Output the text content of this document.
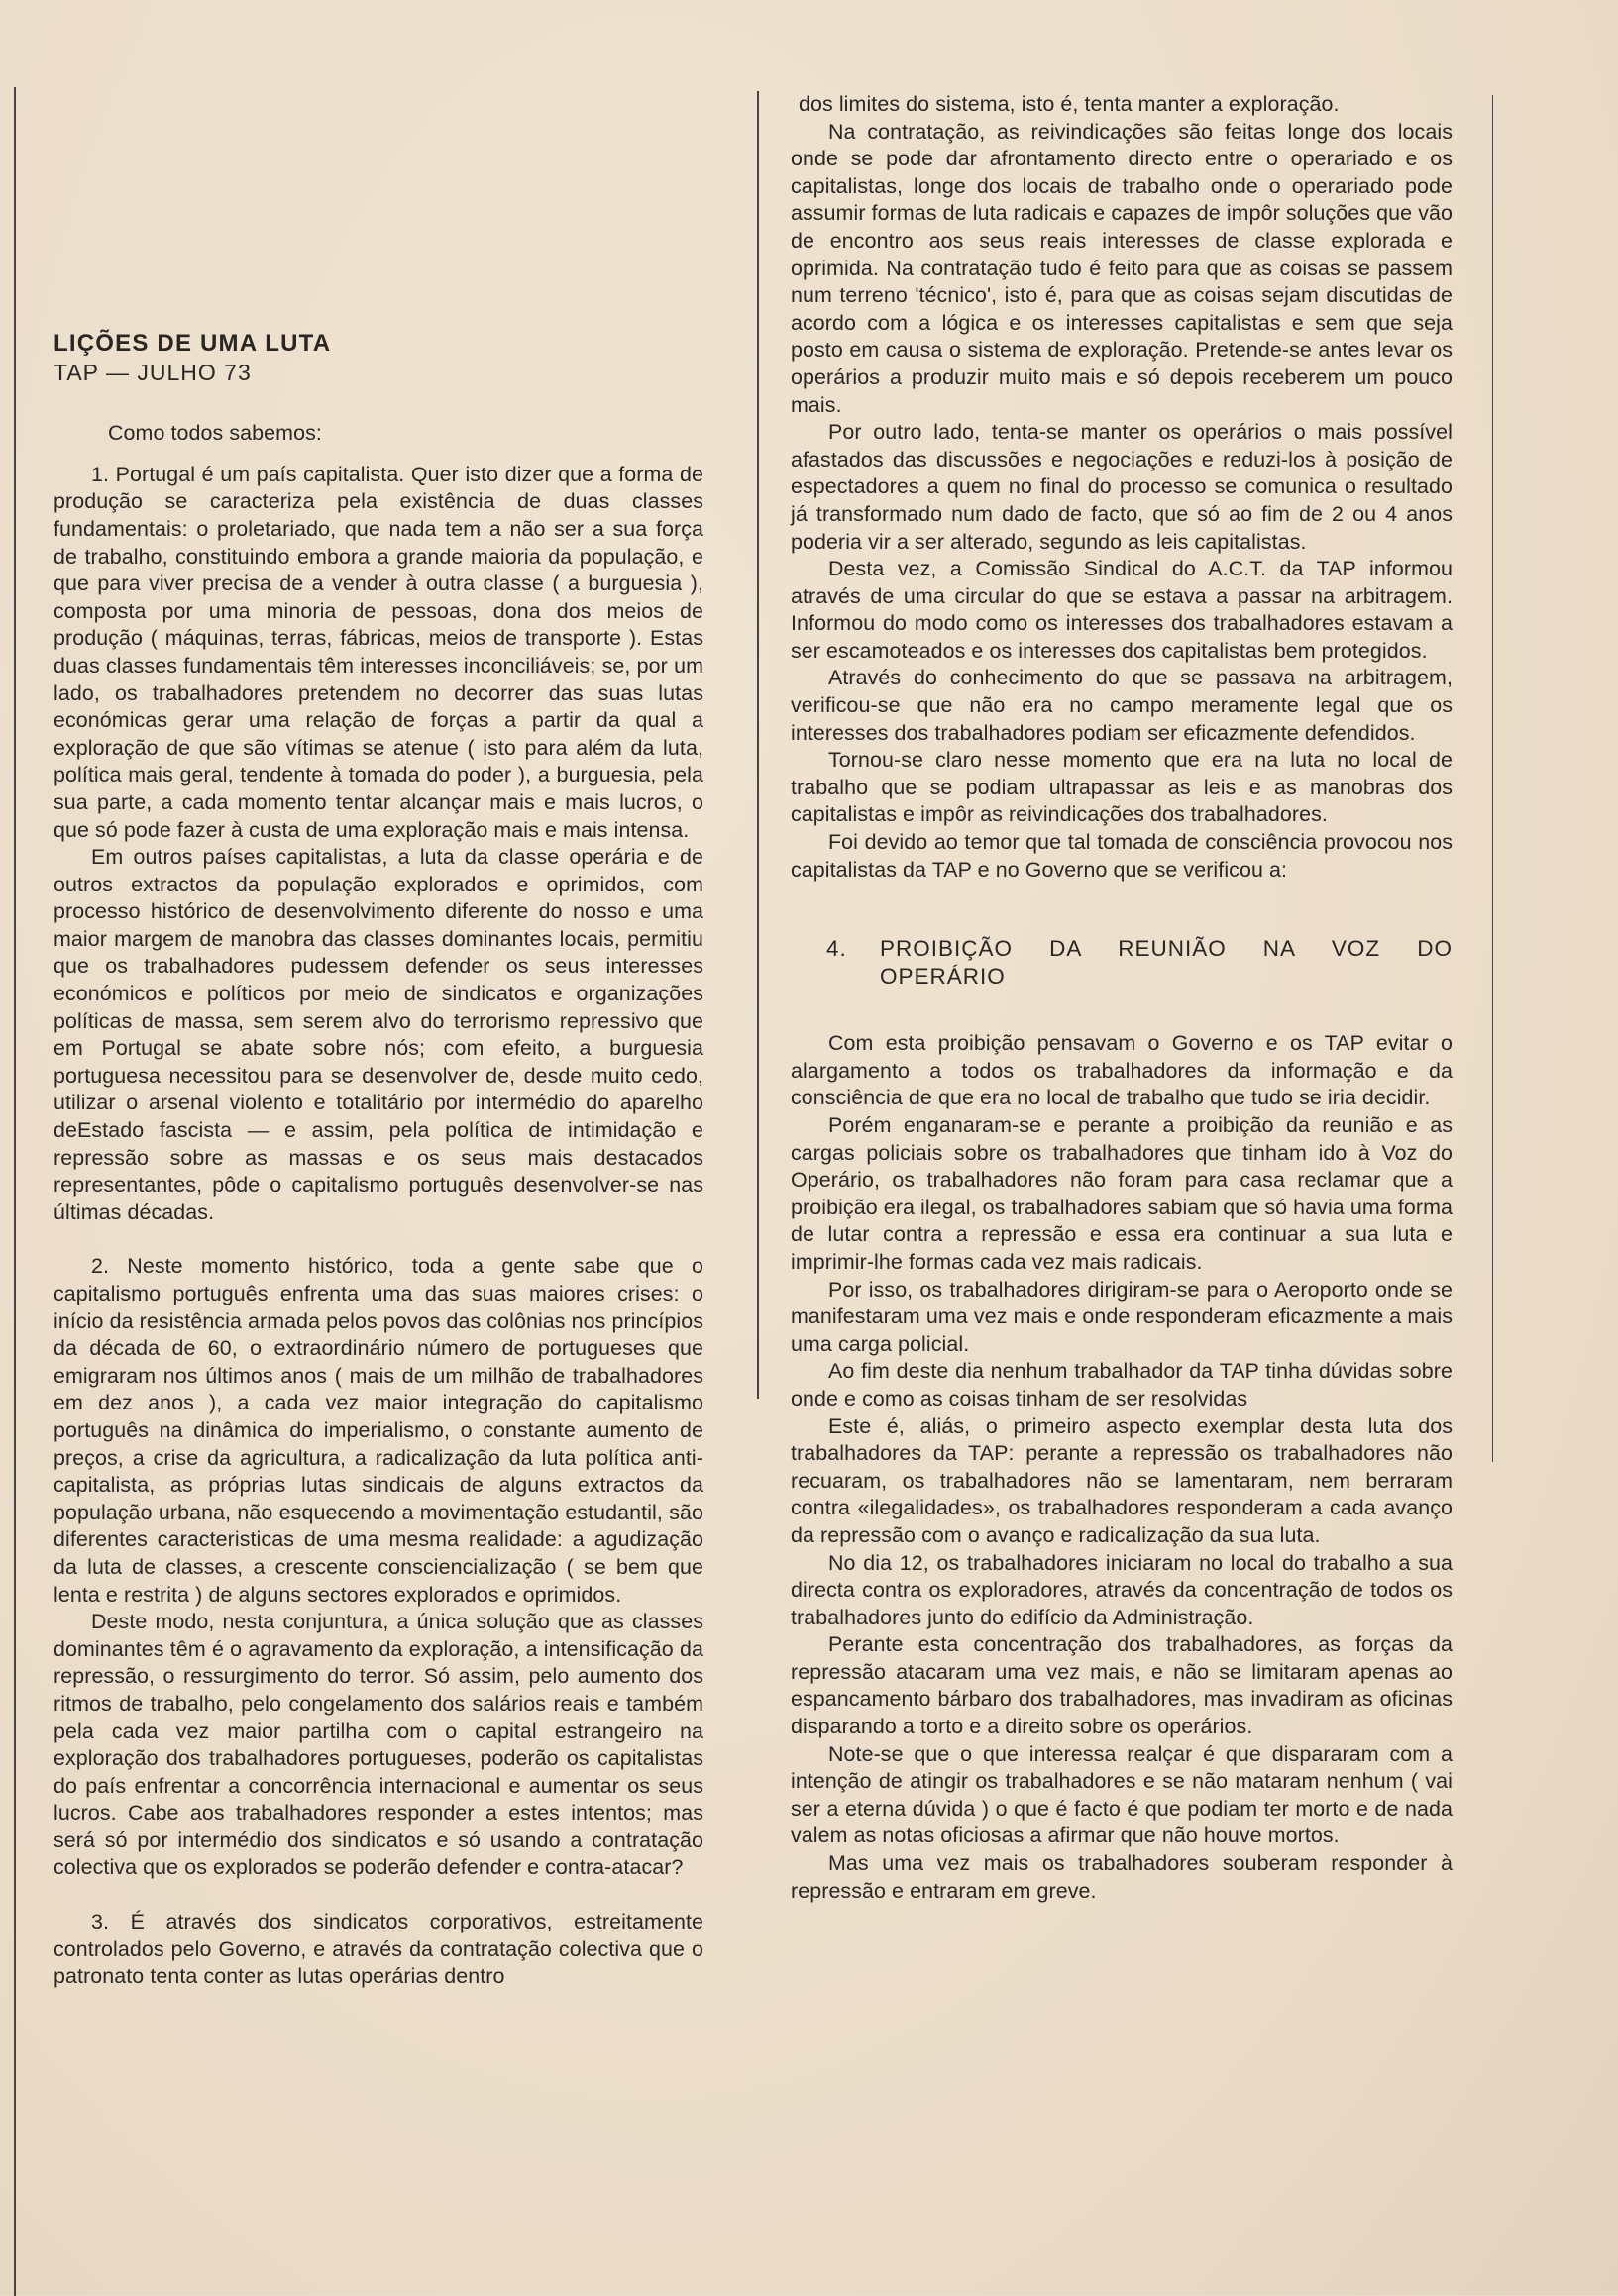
LIÇÕES DE UMA LUTA
TAP — JULHO 73

Como todos sabemos:

1. Portugal é um país capitalista. Quer isto dizer que a forma de produção se caracteriza pela existência de duas classes fundamentais: o proletariado, que nada tem a não ser a sua força de trabalho, constituindo embora a grande maioria da população, e que para viver precisa de a vender à outra classe ( a burguesia ), composta por uma minoria de pessoas, dona dos meios de produção ( máquinas, terras, fábricas, meios de transporte ). Estas duas classes fundamentais têm interesses inconciliáveis; se, por um lado, os trabalhadores pretendem no decorrer das suas lutas económicas gerar uma relação de forças a partir da qual a exploração de que são vítimas se atenue ( isto para além da luta, política mais geral, tendente à tomada do poder ), a burguesia, pela sua parte, a cada momento tentar alcançar mais e mais lucros, o que só pode fazer à custa de uma exploração mais e mais intensa.

Em outros países capitalistas, a luta da classe operária e de outros extractos da população explorados e oprimidos, com processo histórico de desenvolvimento diferente do nosso e uma maior margem de manobra das classes dominantes locais, permitiu que os trabalhadores pudessem defender os seus interesses económicos e políticos por meio de sindicatos e organizações políticas de massa, sem serem alvo do terrorismo repressivo que em Portugal se abate sobre nós; com efeito, a burguesia portuguesa necessitou para se desenvolver de, desde muito cedo, utilizar o arsenal violento e totalitário por intermédio do aparelho deEstado fascista — e assim, pela política de intimidação e repressão sobre as massas e os seus mais destacados representantes, pôde o capitalismo português desenvolver-se nas últimas décadas.

2. Neste momento histórico, toda a gente sabe que o capitalismo português enfrenta uma das suas maiores crises: o início da resistência armada pelos povos das colônias nos princípios da década de 60, o extraordinário número de portugueses que emigraram nos últimos anos ( mais de um milhão de trabalhadores em dez anos ), a cada vez maior integração do capitalismo português na dinâmica do imperialismo, o constante aumento de preços, a crise da agricultura, a radicalização da luta política anti-capitalista, as próprias lutas sindicais de alguns extractos da população urbana, não esquecendo a movimentação estudantil, são diferentes caracteristicas de uma mesma realidade: a agudização da luta de classes, a crescente consciencialização ( se bem que lenta e restrita ) de alguns sectores explorados e oprimidos.

Deste modo, nesta conjuntura, a única solução que as classes dominantes têm é o agravamento da exploração, a intensificação da repressão, o ressurgimento do terror. Só assim, pelo aumento dos ritmos de trabalho, pelo congelamento dos salários reais e também pela cada vez maior partilha com o capital estrangeiro na exploração dos trabalhadores portugueses, poderão os capitalistas do país enfrentar a concorrência internacional e aumentar os seus lucros. Cabe aos trabalhadores responder a estes intentos; mas será só por intermédio dos sindicatos e só usando a contratação colectiva que os explorados se poderão defender e contra-atacar?

3. É através dos sindicatos corporativos, estreitamente controlados pelo Governo, e através da contratação colectiva que o patronato tenta conter as lutas operárias dentro

dos limites do sistema, isto é, tenta manter a exploração.

Na contratação, as reivindicações são feitas longe dos locais onde se pode dar afrontamento directo entre o operariado e os capitalistas, longe dos locais de trabalho onde o operariado pode assumir formas de luta radicais e capazes de impôr soluções que vão de encontro aos seus reais interesses de classe explorada e oprimida. Na contratação tudo é feito para que as coisas se passem num terreno 'técnico', isto é, para que as coisas sejam discutidas de acordo com a lógica e os interesses capitalistas e sem que seja posto em causa o sistema de exploração. Pretende-se antes levar os operários a produzir muito mais e só depois receberem um pouco mais.

Por outro lado, tenta-se manter os operários o mais possível afastados das discussões e negociações e reduzi-los à posição de espectadores a quem no final do processo se comunica o resultado já transformado num dado de facto, que só ao fim de 2 ou 4 anos poderia vir a ser alterado, segundo as leis capitalistas.

Desta vez, a Comissão Sindical do A.C.T. da TAP informou através de uma circular do que se estava a passar na arbitragem. Informou do modo como os interesses dos trabalhadores estavam a ser escamoteados e os interesses dos capitalistas bem protegidos.

Através do conhecimento do que se passava na arbitragem, verificou-se que não era no campo meramente legal que os interesses dos trabalhadores podiam ser eficazmente defendidos.

Tornou-se claro nesse momento que era na luta no local de trabalho que se podiam ultrapassar as leis e as manobras dos capitalistas e impôr as reivindicações dos trabalhadores.

Foi devido ao temor que tal tomada de consciência provocou nos capitalistas da TAP e no Governo que se verificou a:

4.	PROIBIÇÃO DA REUNIÃO NA VOZ DO
OPERÁRIO

Com esta proibição pensavam o Governo e os TAP evitar o alargamento a todos os trabalhadores da informação e da consciência de que era no local de trabalho que tudo se iria decidir.

Porém enganaram-se e perante a proibição da reunião e as cargas policiais sobre os trabalhadores que tinham ido à Voz do Operário, os trabalhadores não foram para casa reclamar que a proibição era ilegal, os trabalhadores sabiam que só havia uma forma de lutar contra a repressão e essa era continuar a sua luta e imprimir-lhe formas cada vez mais radicais.

Por isso, os trabalhadores dirigiram-se para o Aeroporto onde se manifestaram uma vez mais e onde responderam eficazmente a mais uma carga policial.

Ao fim deste dia nenhum trabalhador da TAP tinha dúvidas sobre onde e como as coisas tinham de ser resolvidas

Este é, aliás, o primeiro aspecto exemplar desta luta dos trabalhadores da TAP: perante a repressão os trabalhadores não recuaram, os trabalhadores não se lamentaram, nem berraram contra «ilegalidades», os trabalhadores responderam a cada avanço da repressão com o avanço e radicalização da sua luta.

No dia 12, os trabalhadores iniciaram no local do trabalho a sua directa contra os exploradores, através da concentração de todos os trabalhadores junto do edifício da Administração.

Perante esta concentração dos trabalhadores, as forças da repressão atacaram uma vez mais, e não se limitaram apenas ao espancamento bárbaro dos trabalhadores, mas invadiram as oficinas disparando a torto e a direito sobre os operários.

Note-se que o que interessa realçar é que dispararam com a intenção de atingir os trabalhadores e se não mataram nenhum ( vai ser a eterna dúvida ) o que é facto é que podiam ter morto e de nada valem as notas oficiosas a afirmar que não houve mortos.

Mas uma vez mais os trabalhadores souberam responder à repressão e entraram em greve.
